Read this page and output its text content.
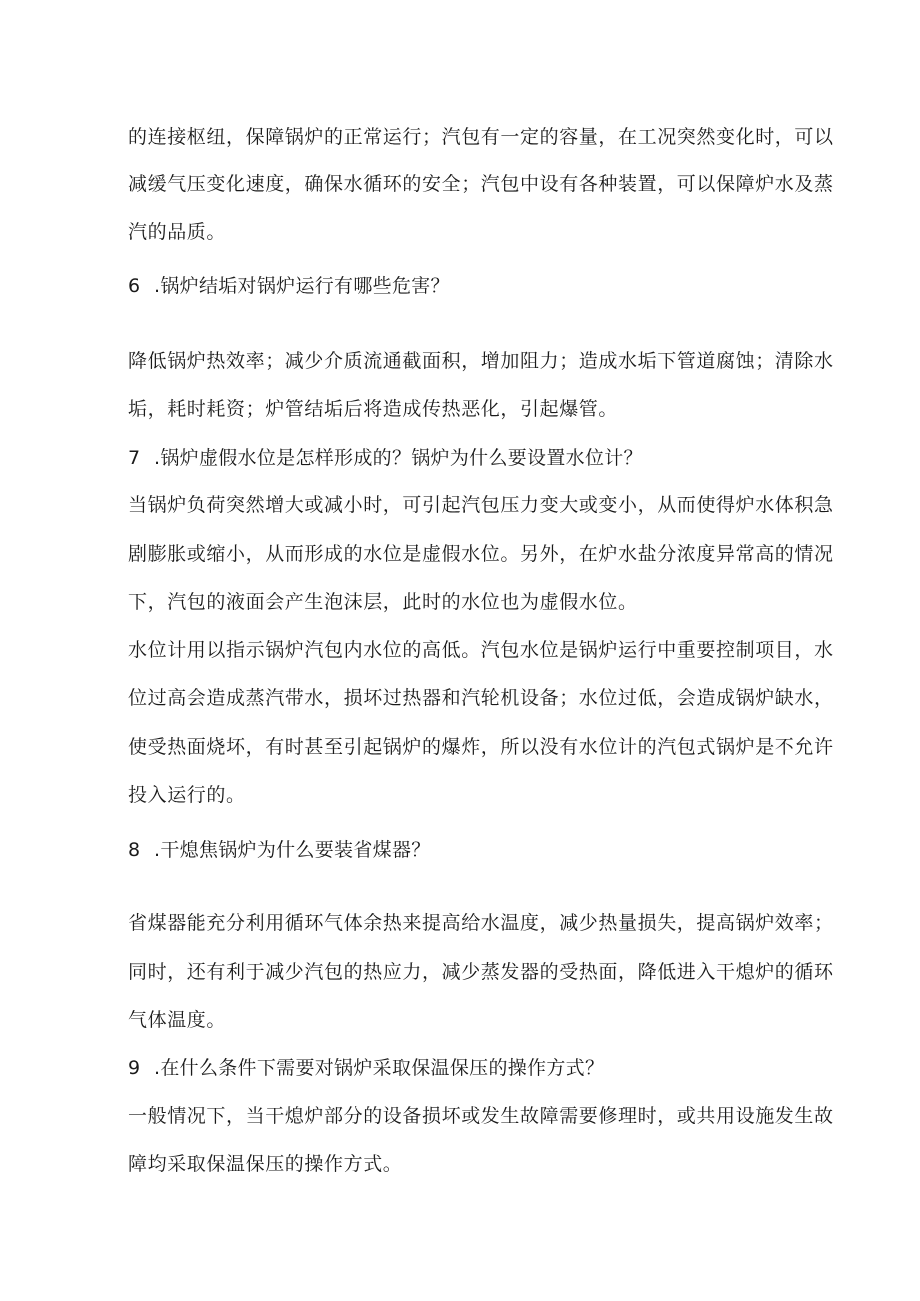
的连接枢纽，保障锅炉的正常运行；汽包有一定的容量，在工况突然变化时，可以
减缓气压变化速度，确保水循环的安全；汽包中设有各种装置，可以保障炉水及蒸
汽的品质。
6 .锅炉结垢对锅炉运行有哪些危害？
降低锅炉热效率；减少介质流通截面积，增加阻力；造成水垢下管道腐蚀；清除水
垢，耗时耗资；炉管结垢后将造成传热恶化，引起爆管。
7 .锅炉虚假水位是怎样形成的？锅炉为什么要设置水位计？
当锅炉负荷突然增大或减小时，可引起汽包压力变大或变小，从而使得炉水体积急
剧膨胀或缩小，从而形成的水位是虚假水位。另外，在炉水盐分浓度异常高的情况
下，汽包的液面会产生泡沫层，此时的水位也为虚假水位。
水位计用以指示锅炉汽包内水位的高低。汽包水位是锅炉运行中重要控制项目，水
位过高会造成蒸汽带水，损坏过热器和汽轮机设备；水位过低，会造成锅炉缺水，
使受热面烧坏，有时甚至引起锅炉的爆炸，所以没有水位计的汽包式锅炉是不允许
投入运行的。
8 .干熄焦锅炉为什么要装省煤器？
省煤器能充分利用循环气体余热来提高给水温度，减少热量损失，提高锅炉效率；
同时，还有利于减少汽包的热应力，减少蒸发器的受热面，降低进入干熄炉的循环
气体温度。
9 .在什么条件下需要对锅炉采取保温保压的操作方式？
一般情况下，当干熄炉部分的设备损坏或发生故障需要修理时，或共用设施发生故
障均采取保温保压的操作方式。
